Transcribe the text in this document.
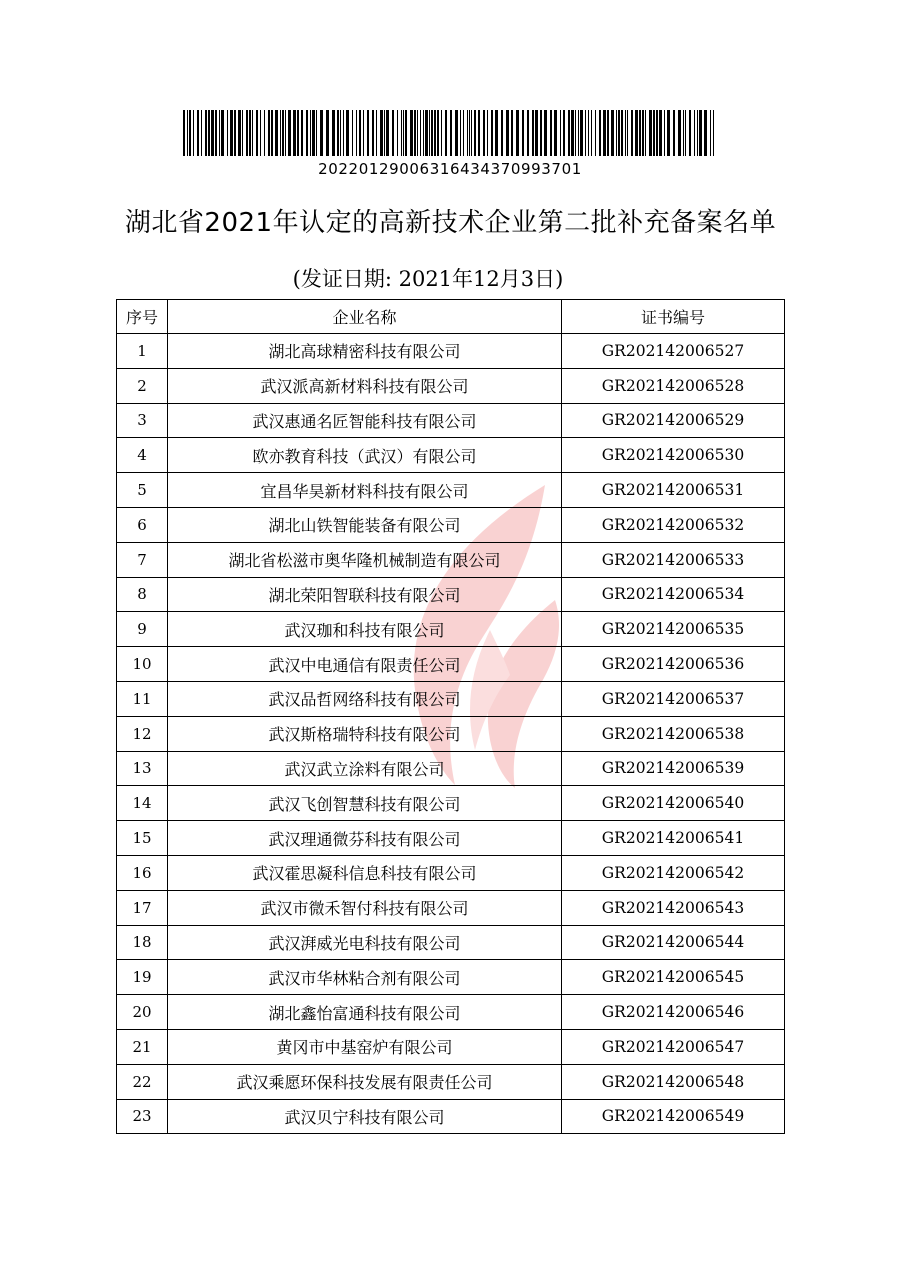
20220129006316434370993701
湖北省2021年认定的高新技术企业第二批补充备案名单
(发证日期: 2021年12月3日)
序号	企业名称	证书编号
1	湖北高球精密科技有限公司	GR202142006527
2	武汉派高新材料科技有限公司	GR202142006528
3	武汉惠通名匠智能科技有限公司	GR202142006529
4	欧亦教育科技（武汉）有限公司	GR202142006530
5	宜昌华昊新材料科技有限公司	GR202142006531
6	湖北山铁智能装备有限公司	GR202142006532
7	湖北省松滋市奥华隆机械制造有限公司	GR202142006533
8	湖北荣阳智联科技有限公司	GR202142006534
9	武汉珈和科技有限公司	GR202142006535
10	武汉中电通信有限责任公司	GR202142006536
11	武汉品哲网络科技有限公司	GR202142006537
12	武汉斯格瑞特科技有限公司	GR202142006538
13	武汉武立涂料有限公司	GR202142006539
14	武汉飞创智慧科技有限公司	GR202142006540
15	武汉理通微芬科技有限公司	GR202142006541
16	武汉霍思凝科信息科技有限公司	GR202142006542
17	武汉市微禾智付科技有限公司	GR202142006543
18	武汉湃威光电科技有限公司	GR202142006544
19	武汉市华林粘合剂有限公司	GR202142006545
20	湖北鑫怡富通科技有限公司	GR202142006546
21	黄冈市中基窑炉有限公司	GR202142006547
22	武汉乘愿环保科技发展有限责任公司	GR202142006548
23	武汉贝宁科技有限公司	GR202142006549
